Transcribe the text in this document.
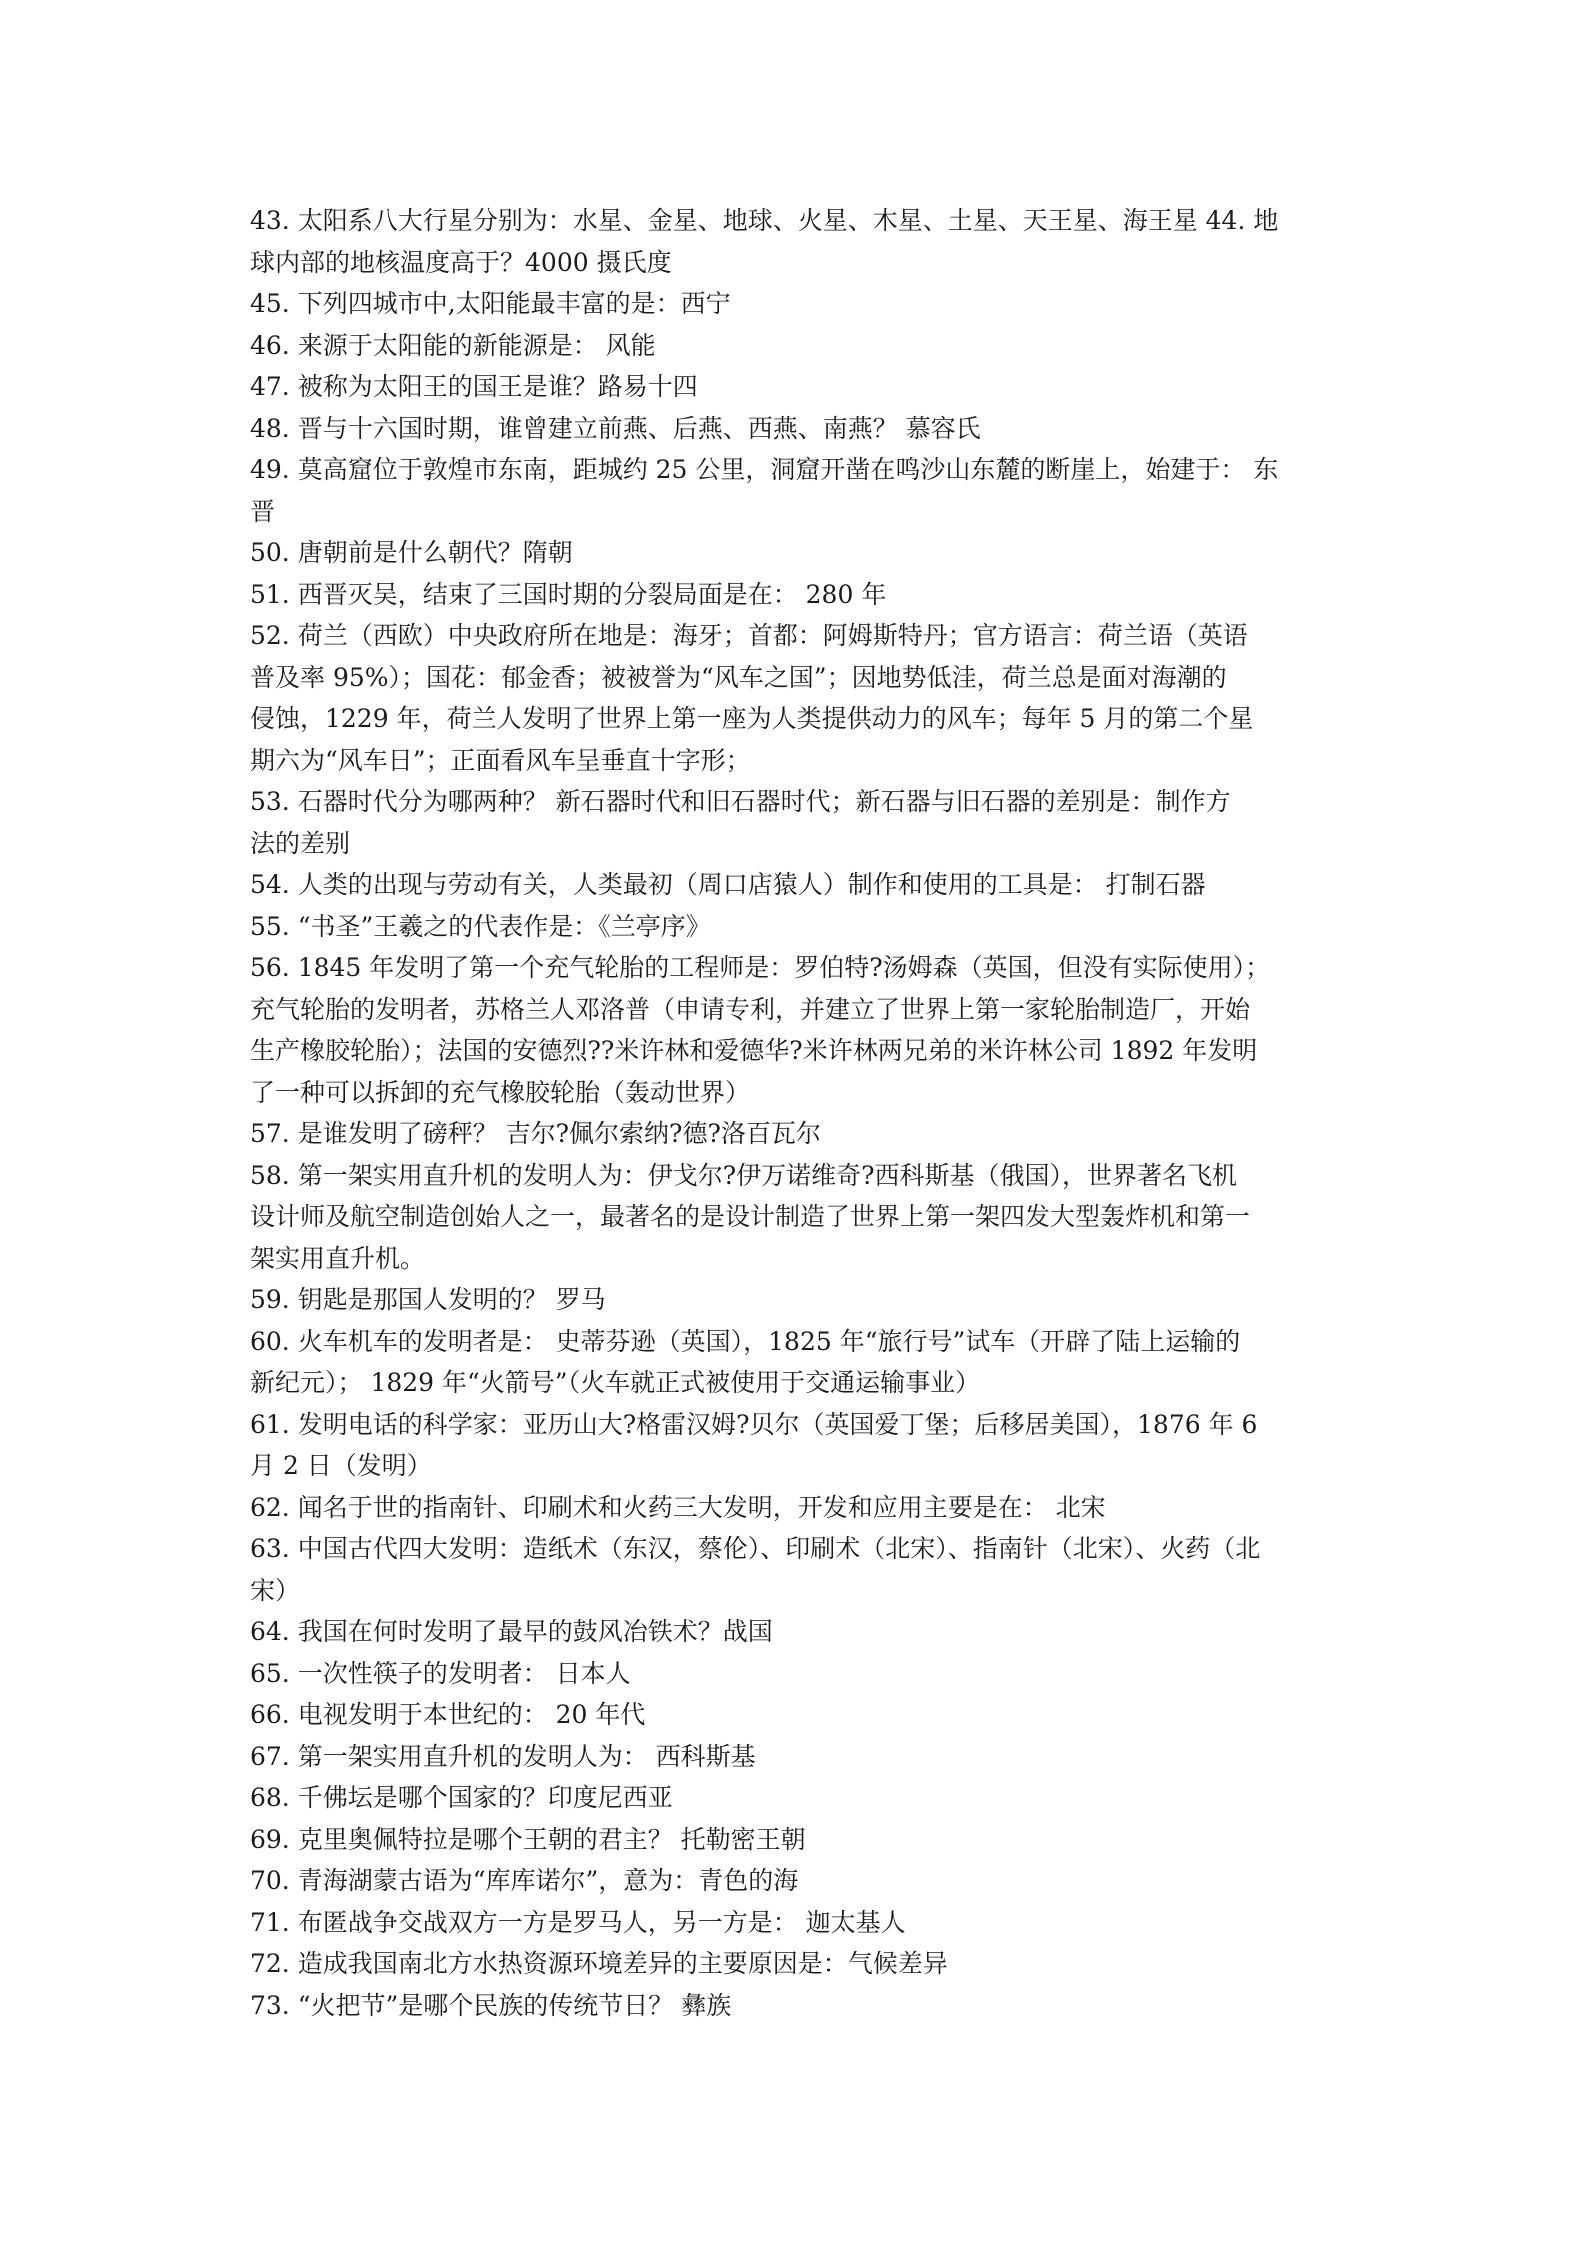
43. 太阳系八大行星分别为：水星、金星、地球、火星、木星、土星、天王星、海王星 44. 地
球内部的地核温度高于？4000 摄氏度
45. 下列四城市中,太阳能最丰富的是：西宁
46. 来源于太阳能的新能源是： 风能
47. 被称为太阳王的国王是谁？路易十四
48. 晋与十六国时期，谁曾建立前燕、后燕、西燕、南燕？ 慕容氏
49. 莫高窟位于敦煌市东南，距城约 25 公里，洞窟开凿在鸣沙山东麓的断崖上，始建于： 东
晋
50. 唐朝前是什么朝代？隋朝
51. 西晋灭吴，结束了三国时期的分裂局面是在： 280 年
52. 荷兰（西欧）中央政府所在地是：海牙；首都：阿姆斯特丹；官方语言：荷兰语（英语
普及率 95%）；国花：郁金香；被被誉为“风车之国”；因地势低洼，荷兰总是面对海潮的
侵蚀，1229 年，荷兰人发明了世界上第一座为人类提供动力的风车；每年 5 月的第二个星
期六为“风车日”；正面看风车呈垂直十字形；
53. 石器时代分为哪两种？ 新石器时代和旧石器时代；新石器与旧石器的差别是：制作方
法的差别
54. 人类的出现与劳动有关，人类最初（周口店猿人）制作和使用的工具是： 打制石器
55. “书圣”王羲之的代表作是：《兰亭序》
56. 1845 年发明了第一个充气轮胎的工程师是：罗伯特?汤姆森（英国，但没有实际使用）；
充气轮胎的发明者，苏格兰人邓洛普（申请专利，并建立了世界上第一家轮胎制造厂，开始
生产橡胶轮胎）；法国的安德烈??米许林和爱德华?米许林两兄弟的米许林公司 1892 年发明
了一种可以拆卸的充气橡胶轮胎（轰动世界）
57. 是谁发明了磅秤？ 吉尔?佩尔索纳?德?洛百瓦尔
58. 第一架实用直升机的发明人为：伊戈尔?伊万诺维奇?西科斯基（俄国），世界著名飞机
设计师及航空制造创始人之一，最著名的是设计制造了世界上第一架四发大型轰炸机和第一
架实用直升机。
59. 钥匙是那国人发明的？ 罗马
60. 火车机车的发明者是： 史蒂芬逊（英国），1825 年“旅行号”试车（开辟了陆上运输的
新纪元）； 1829 年“火箭号”（火车就正式被使用于交通运输事业）
61. 发明电话的科学家：亚历山大?格雷汉姆?贝尔（英国爱丁堡；后移居美国），1876 年 6
月 2 日（发明）
62. 闻名于世的指南针、印刷术和火药三大发明，开发和应用主要是在： 北宋
63. 中国古代四大发明：造纸术（东汉，蔡伦）、印刷术（北宋）、指南针（北宋）、火药（北
宋）
64. 我国在何时发明了最早的鼓风冶铁术？战国
65. 一次性筷子的发明者： 日本人
66. 电视发明于本世纪的： 20 年代
67. 第一架实用直升机的发明人为： 西科斯基
68. 千佛坛是哪个国家的？印度尼西亚
69. 克里奥佩特拉是哪个王朝的君主？ 托勒密王朝
70. 青海湖蒙古语为“库库诺尔”，意为：青色的海
71. 布匿战争交战双方一方是罗马人，另一方是： 迦太基人
72. 造成我国南北方水热资源环境差异的主要原因是：气候差异
73. “火把节”是哪个民族的传统节日？ 彝族
